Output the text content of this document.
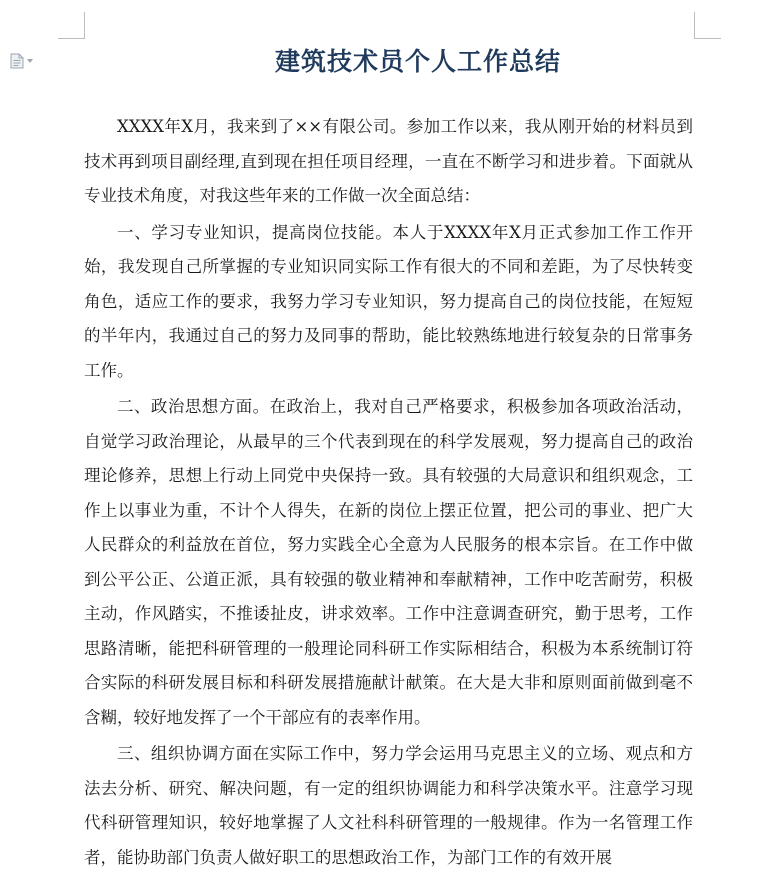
建筑技术员个人工作总结

XXXX年X月，我来到了××有限公司。参加工作以来，我从刚开始的材料员到技术再到项目副经理,直到现在担任项目经理，一直在不断学习和进步着。下面就从专业技术角度，对我这些年来的工作做一次全面总结：

一、学习专业知识，提高岗位技能。本人于XXXX年X月正式参加工作工作开始，我发现自己所掌握的专业知识同实际工作有很大的不同和差距，为了尽快转变角色，适应工作的要求，我努力学习专业知识，努力提高自己的岗位技能，在短短的半年内，我通过自己的努力及同事的帮助，能比较熟练地进行较复杂的日常事务工作。

二、政治思想方面。在政治上，我对自己严格要求，积极参加各项政治活动，自觉学习政治理论，从最早的三个代表到现在的科学发展观，努力提高自己的政治理论修养，思想上行动上同党中央保持一致。具有较强的大局意识和组织观念，工作上以事业为重，不计个人得失，在新的岗位上摆正位置，把公司的事业、把广大人民群众的利益放在首位，努力实践全心全意为人民服务的根本宗旨。在工作中做到公平公正、公道正派，具有较强的敬业精神和奉献精神，工作中吃苦耐劳，积极主动，作风踏实，不推诿扯皮，讲求效率。工作中注意调查研究，勤于思考，工作思路清晰，能把科研管理的一般理论同科研工作实际相结合，积极为本系统制订符合实际的科研发展目标和科研发展措施献计献策。在大是大非和原则面前做到毫不含糊，较好地发挥了一个干部应有的表率作用。

三、组织协调方面在实际工作中，努力学会运用马克思主义的立场、观点和方法去分析、研究、解决问题，有一定的组织协调能力和科学决策水平。注意学习现代科研管理知识，较好地掌握了人文社科科研管理的一般规律。作为一名管理工作者，能协助部门负责人做好职工的思想政治工作，为部门工作的有效开展
